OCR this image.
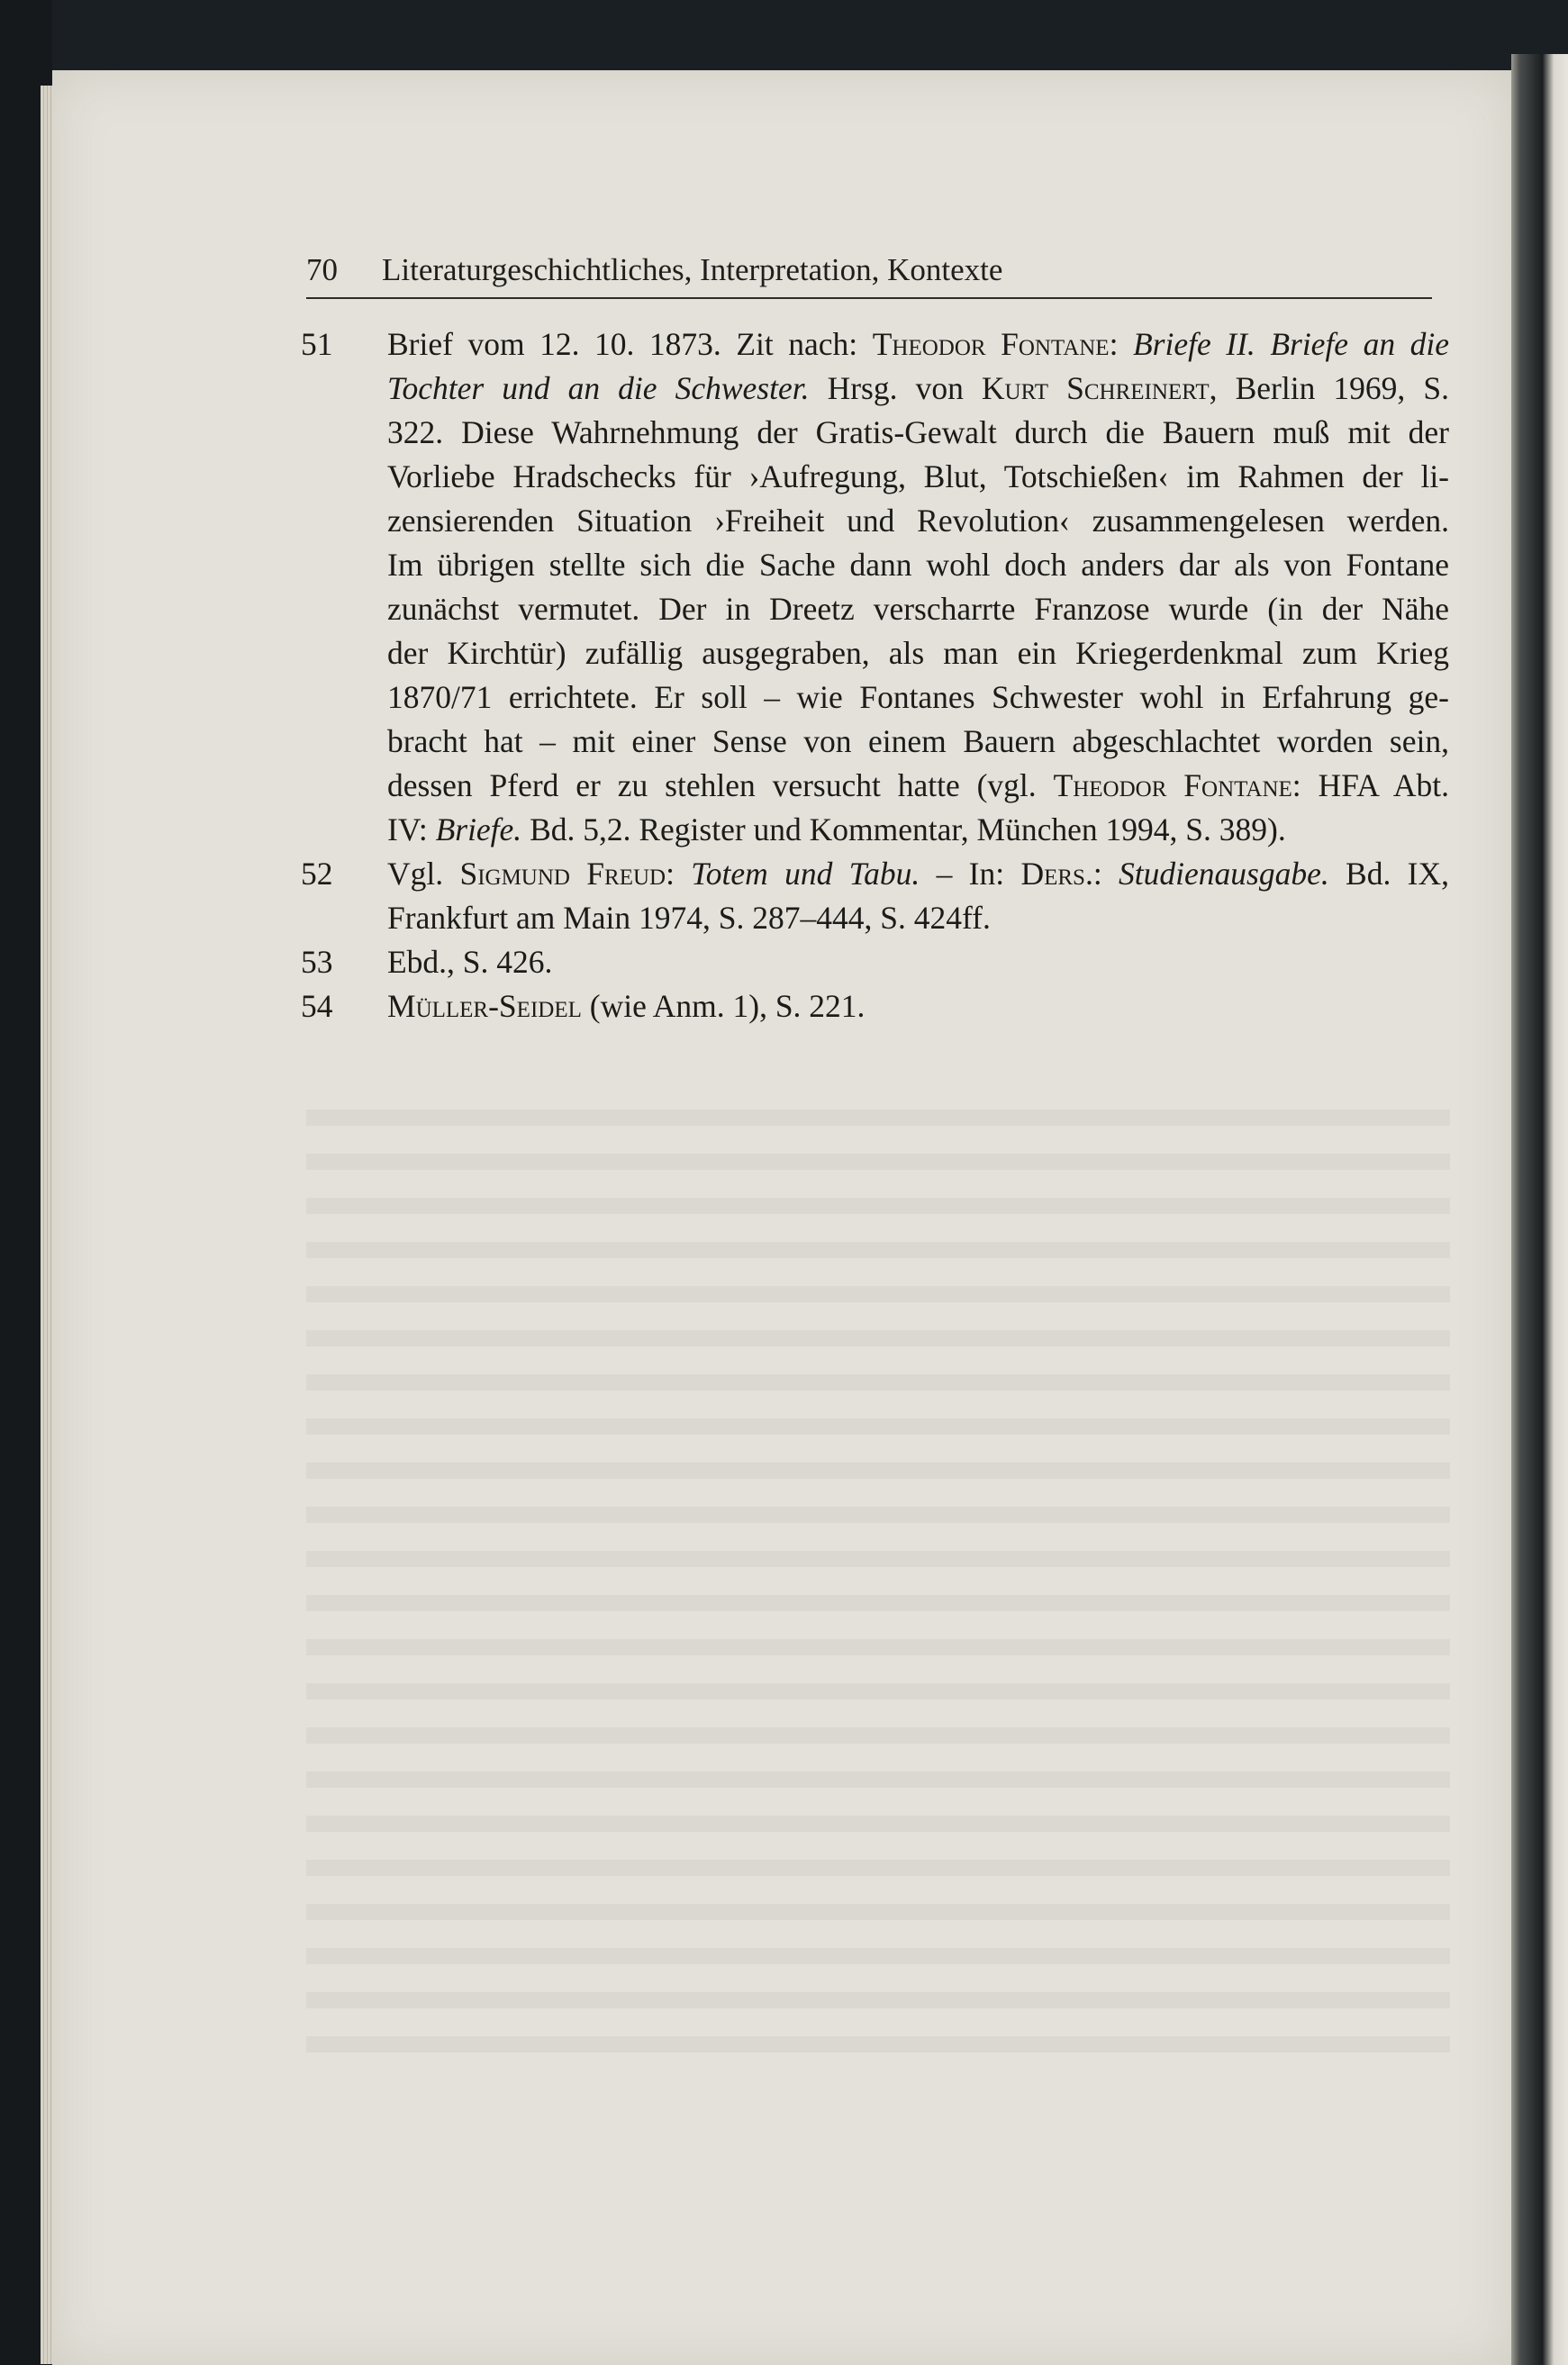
70 Literaturgeschichtliches, Interpretation, Kontexte
51 Brief vom 12. 10. 1873. Zit nach: Theodor Fontane: Briefe II. Briefe an die
Tochter und an die Schwester. Hrsg. von Kurt Schreinert, Berlin 1969, S.
322. Diese Wahrnehmung der Gratis-Gewalt durch die Bauern muß mit der
Vorliebe Hradschecks für ›Aufregung, Blut, Totschießen‹ im Rahmen der li-
zensierenden Situation ›Freiheit und Revolution‹ zusammengelesen werden.
Im übrigen stellte sich die Sache dann wohl doch anders dar als von Fontane
zunächst vermutet. Der in Dreetz verscharrte Franzose wurde (in der Nähe
der Kirchtür) zufällig ausgegraben, als man ein Kriegerdenkmal zum Krieg
1870/71 errichtete. Er soll – wie Fontanes Schwester wohl in Erfahrung ge-
bracht hat – mit einer Sense von einem Bauern abgeschlachtet worden sein,
dessen Pferd er zu stehlen versucht hatte (vgl. Theodor Fontane: HFA Abt.
IV: Briefe. Bd. 5,2. Register und Kommentar, München 1994, S. 389).
52 Vgl. Sigmund Freud: Totem und Tabu. – In: Ders.: Studienausgabe. Bd. IX,
Frankfurt am Main 1974, S. 287–444, S. 424ff.
53 Ebd., S. 426.
54 Müller-Seidel (wie Anm. 1), S. 221.
